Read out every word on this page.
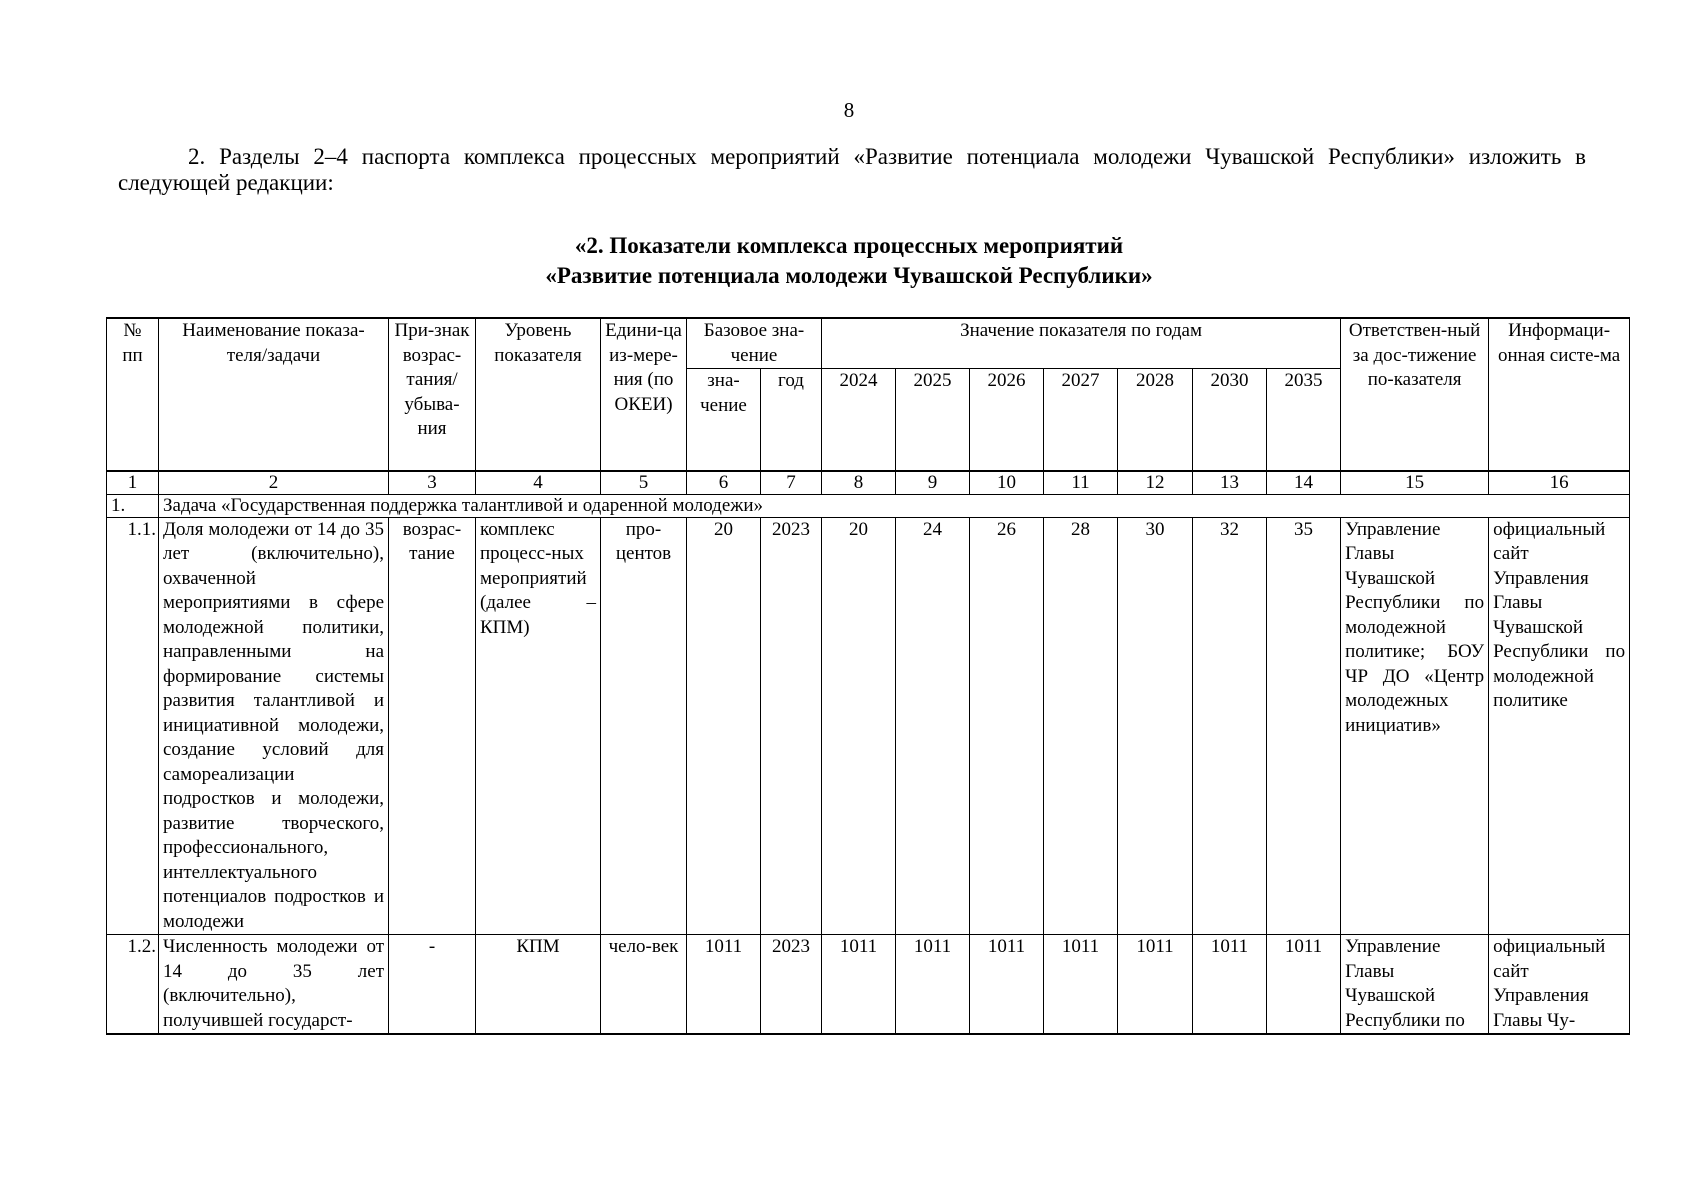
8

2. Разделы 2–4 паспорта комплекса процессных мероприятий «Развитие потенциала молодежи Чувашской Республики» изложить в следующей редакции:

«2. Показатели комплекса процессных мероприятий
«Развитие потенциала молодежи Чувашской Республики»
№ пп	Наименование показа-теля/задачи	При-знак возрас-тания/ убыва-ния	Уровень показателя	Едини-ца из-мере-ния (по ОКЕИ)	Базовое зна-чение		Значение показателя по годам							Ответствен-ный за дос-тижение по-казателя	Информаци-онная систе-ма
					зна-чение	год	2024	2025	2026	2027	2028	2030	2035		
1	2	3	4	5	6	7	8	9	10	11	12	13	14	15	16
1.	Задача «Государственная поддержка талантливой и одаренной молодежи»														
1.1.	Доля молодежи от 14 до 35 лет (включительно), охваченной мероприятиями в сфере молодежной политики, направленными на формирование системы развития талантливой и инициативной молодежи, создание условий для самореализации подростков и молодежи, развитие творческого, профессионального, интеллектуального потенциалов подростков и молодежи	возрас-тание	комплекс процесс-ных мероприятий (далее – КПМ)	про-центов	20	2023	20	24	26	28	30	32	35	Управление Главы Чувашской Республики по молодежной политике; БОУ ЧР ДО «Центр молодежных инициатив»	официальный сайт Управления Главы Чувашской Республики по молодежной политике

1.2.	Численность молодежи от 14 до 35 лет (включительно), получившей государст-	-	КПМ	чело-век	1011	2023	1011	1011	1011	1011	1011	1011	1011	Управление Главы Чувашской Республики по	официальный сайт Управления Главы Чу-
